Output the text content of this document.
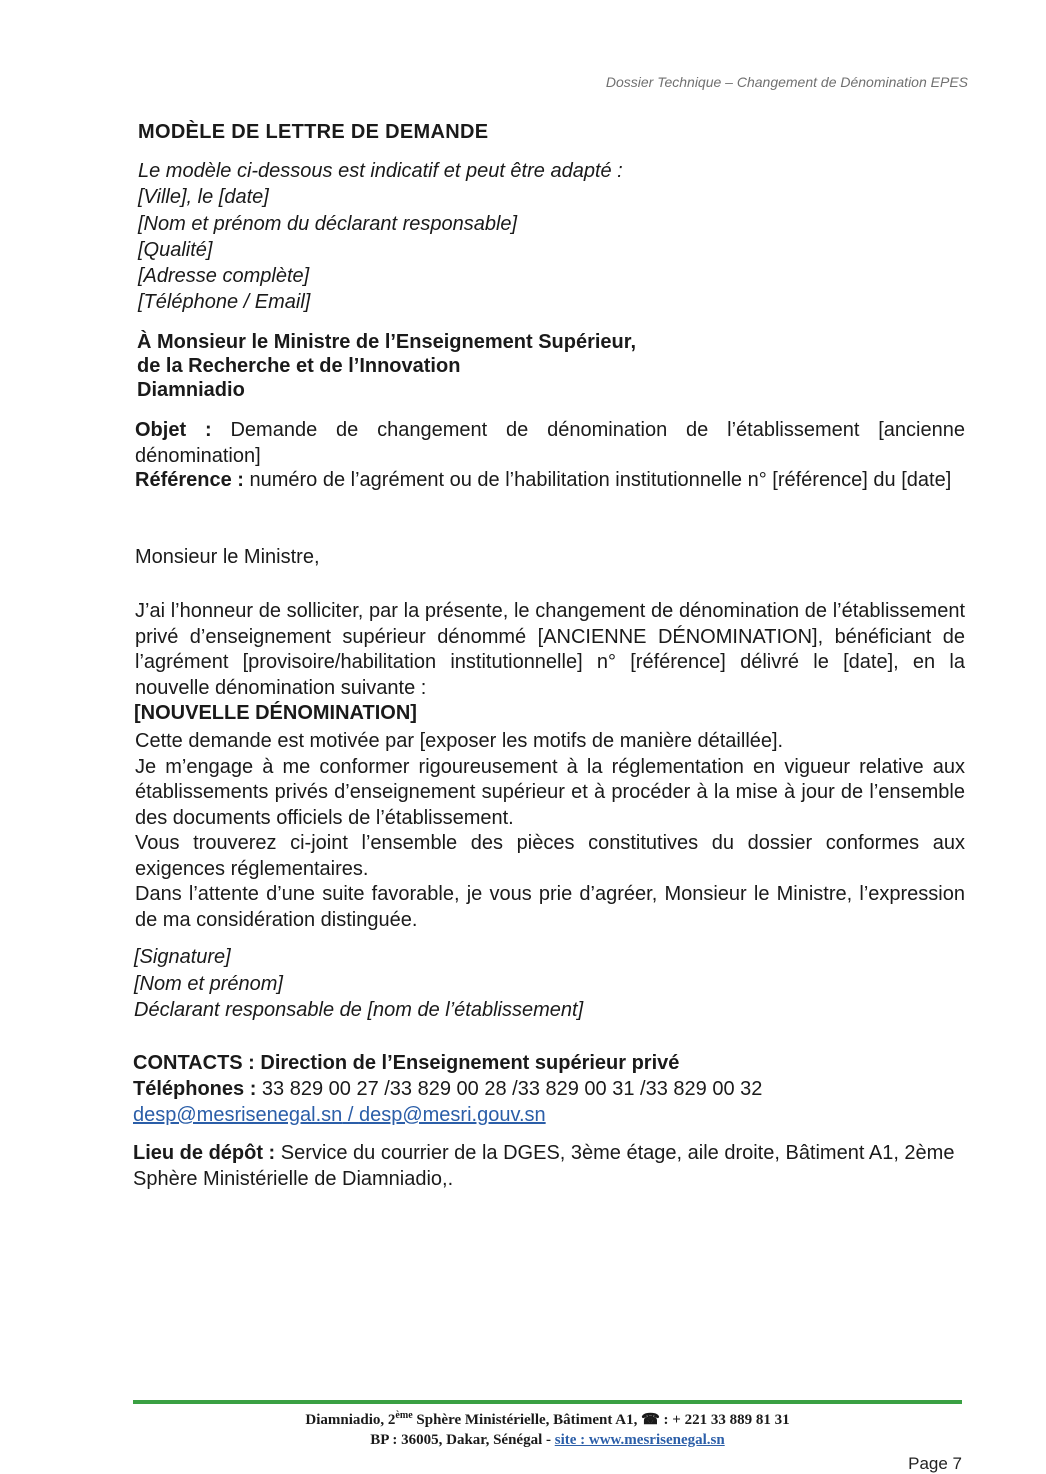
Dossier Technique – Changement de Dénomination EPES
MODÈLE DE LETTRE DE DEMANDE
Le modèle ci-dessous est indicatif et peut être adapté :
[Ville], le [date]
[Nom et prénom du déclarant responsable]
[Qualité]
[Adresse complète]
[Téléphone / Email]
À Monsieur le Ministre de l’Enseignement Supérieur,
de la Recherche et de l’Innovation
Diamniadio
Objet : Demande de changement de dénomination de l’établissement [ancienne dénomination]
Référence : numéro de l’agrément ou de l’habilitation institutionnelle n° [référence] du [date]
Monsieur le Ministre,
J’ai l’honneur de solliciter, par la présente, le changement de dénomination de l’établissement privé d’enseignement supérieur dénommé [ANCIENNE DÉNOMINATION], bénéficiant de l’agrément [provisoire/habilitation institutionnelle] n° [référence] délivré le [date], en la nouvelle dénomination suivante :
[NOUVELLE DÉNOMINATION]
Cette demande est motivée par [exposer les motifs de manière détaillée].
Je m’engage à me conformer rigoureusement à la réglementation en vigueur relative aux établissements privés d’enseignement supérieur et à procéder à la mise à jour de l’ensemble des documents officiels de l’établissement.
Vous trouverez ci-joint l’ensemble des pièces constitutives du dossier conformes aux exigences réglementaires.
Dans l’attente d’une suite favorable, je vous prie d’agréer, Monsieur le Ministre, l’expression de ma considération distinguée.
[Signature]
[Nom et prénom]
Déclarant responsable de [nom de l’établissement]
CONTACTS : Direction de l’Enseignement supérieur privé
Téléphones : 33 829 00 27 /33 829 00 28 /33 829 00 31 /33 829 00 32
desp@mesrisenegal.sn / desp@mesri.gouv.sn
Lieu de dépôt : Service du courrier de la DGES, 3ème étage, aile droite, Bâtiment A1, 2ème Sphère Ministérielle de Diamniadio,.
Diamniadio, 2ème Sphère Ministérielle, Bâtiment A1, ☎ : + 221 33 889 81 31
BP : 36005, Dakar, Sénégal - site : www.mesrisenegal.sn
Page 7
